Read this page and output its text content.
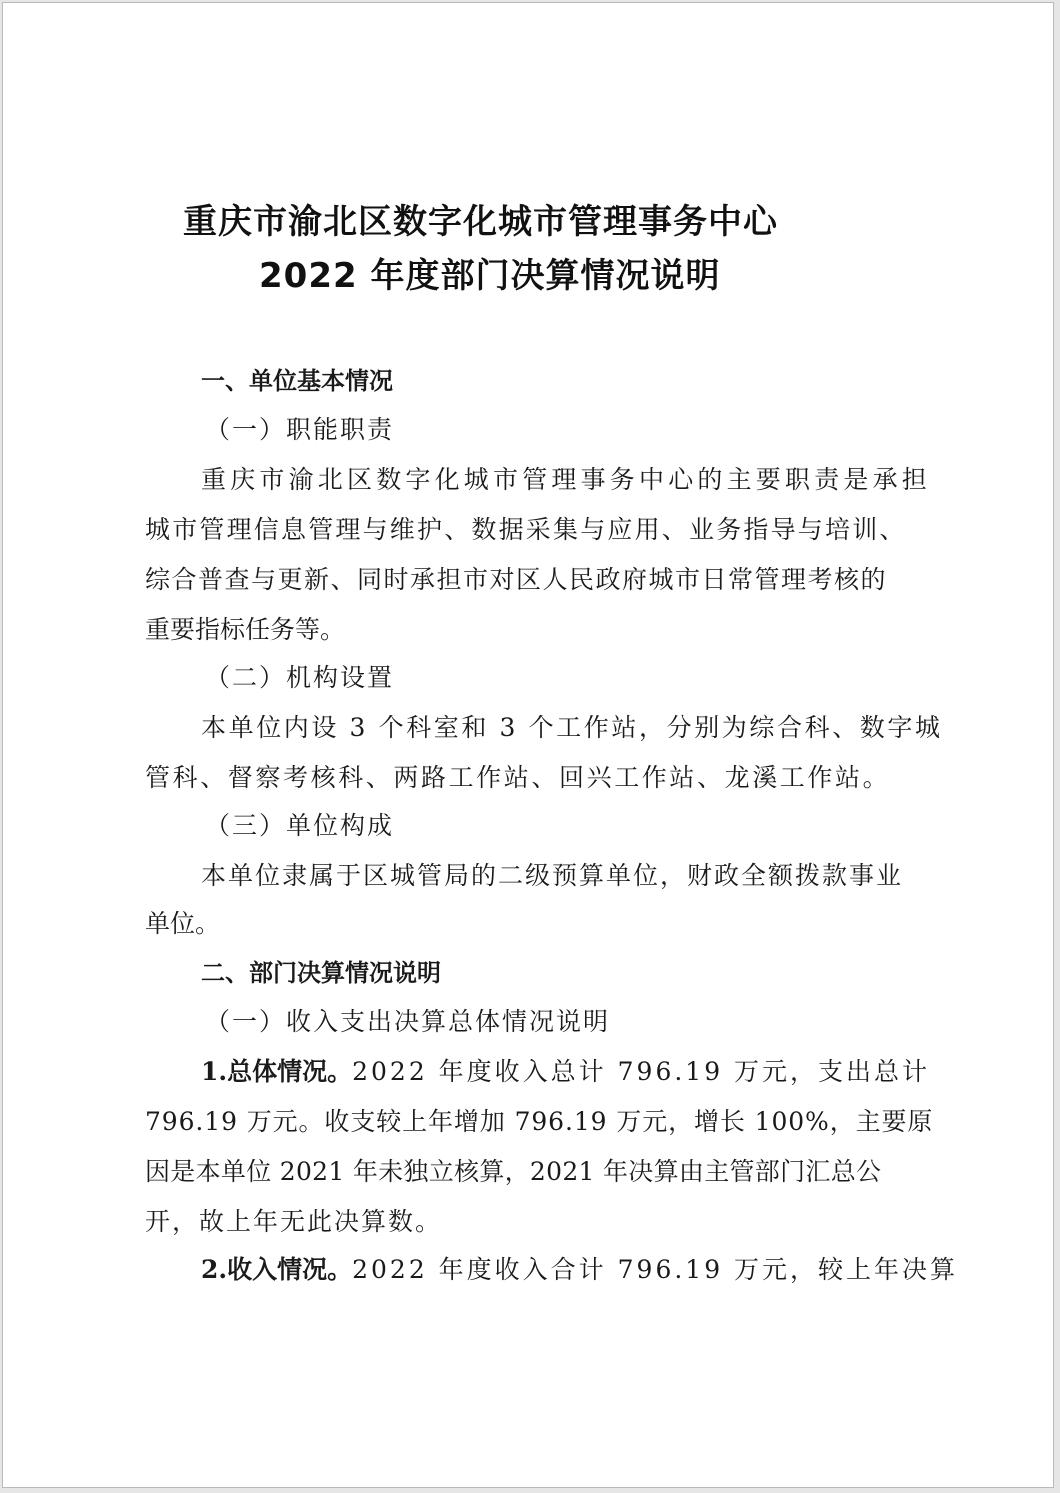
重庆市渝北区数字化城市管理事务中心
2022 年度部门决算情况说明
一、单位基本情况
（一）职能职责
重庆市渝北区数字化城市管理事务中心的主要职责是承担
城市管理信息管理与维护、数据采集与应用、业务指导与培训、
综合普查与更新、同时承担市对区人民政府城市日常管理考核的
重要指标任务等。
（二）机构设置
本单位内设 3 个科室和 3 个工作站，分别为综合科、数字城
管科、督察考核科、两路工作站、回兴工作站、龙溪工作站。
（三）单位构成
本单位隶属于区城管局的二级预算单位，财政全额拨款事业
单位。
二、部门决算情况说明
（一）收入支出决算总体情况说明
1.总体情况。 2022 年度收入总计 796.19 万元，支出总计
796.19 万元。收支较上年增加 796.19 万元，增长 100%，主要原
因是本单位 2021 年未独立核算，2021 年决算由主管部门汇总公
开，故上年无此决算数。
2.收入情况。 2022 年度收入合计 796.19 万元，较上年决算
